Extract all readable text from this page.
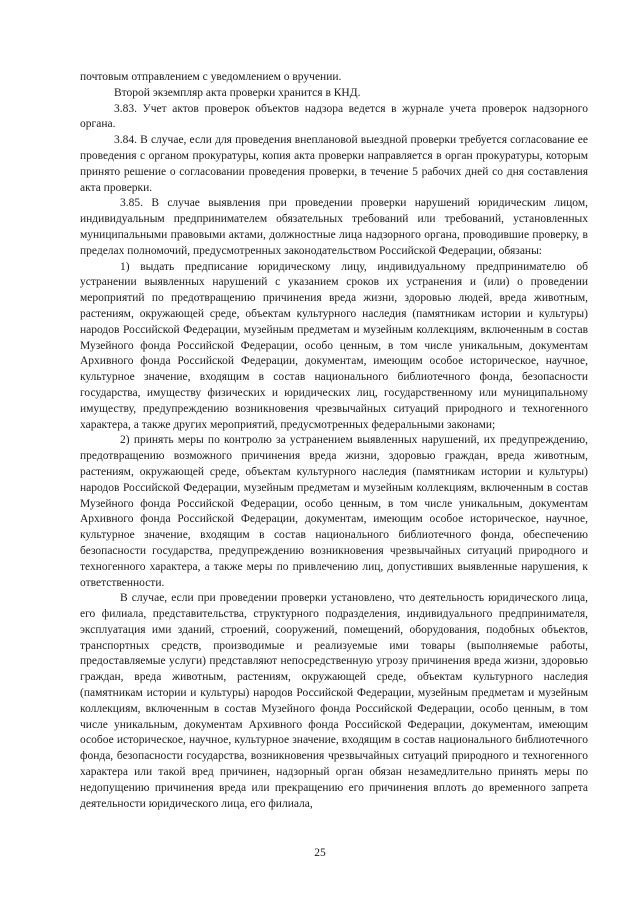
почтовым отправлением с уведомлением о вручении.

Второй экземпляр акта проверки хранится в КНД.

3.83. Учет актов проверок объектов надзора ведется в журнале учета проверок надзорного органа.

3.84. В случае, если для проведения внеплановой выездной проверки требуется согласование ее проведения с органом прокуратуры, копия акта проверки направляется в орган прокуратуры, которым принято решение о согласовании проведения проверки, в течение 5 рабочих дней со дня составления акта проверки.

3.85. В случае выявления при проведении проверки нарушений юридическим лицом, индивидуальным предпринимателем обязательных требований или требований, установленных муниципальными правовыми актами, должностные лица надзорного органа, проводившие проверку, в пределах полномочий, предусмотренных законодательством Российской Федерации, обязаны:

1) выдать предписание юридическому лицу, индивидуальному предпринимателю об устранении выявленных нарушений с указанием сроков их устранения и (или) о проведении мероприятий по предотвращению причинения вреда жизни, здоровью людей, вреда животным, растениям, окружающей среде, объектам культурного наследия (памятникам истории и культуры) народов Российской Федерации, музейным предметам и музейным коллекциям, включенным в состав Музейного фонда Российской Федерации, особо ценным, в том числе уникальным, документам Архивного фонда Российской Федерации, документам, имеющим особое историческое, научное, культурное значение, входящим в состав национального библиотечного фонда, безопасности государства, имуществу физических и юридических лиц, государственному или муниципальному имуществу, предупреждению возникновения чрезвычайных ситуаций природного и техногенного характера, а также других мероприятий, предусмотренных федеральными законами;

2) принять меры по контролю за устранением выявленных нарушений, их предупреждению, предотвращению возможного причинения вреда жизни, здоровью граждан, вреда животным, растениям, окружающей среде, объектам культурного наследия (памятникам истории и культуры) народов Российской Федерации, музейным предметам и музейным коллекциям, включенным в состав Музейного фонда Российской Федерации, особо ценным, в том числе уникальным, документам Архивного фонда Российской Федерации, документам, имеющим особое историческое, научное, культурное значение, входящим в состав национального библиотечного фонда, обеспечению безопасности государства, предупреждению возникновения чрезвычайных ситуаций природного и техногенного характера, а также меры по привлечению лиц, допустивших выявленные нарушения, к ответственности.

В случае, если при проведении проверки установлено, что деятельность юридического лица, его филиала, представительства, структурного подразделения, индивидуального предпринимателя, эксплуатация ими зданий, строений, сооружений, помещений, оборудования, подобных объектов, транспортных средств, производимые и реализуемые ими товары (выполняемые работы, предоставляемые услуги) представляют непосредственную угрозу причинения вреда жизни, здоровью граждан, вреда животным, растениям, окружающей среде, объектам культурного наследия (памятникам истории и культуры) народов Российской Федерации, музейным предметам и музейным коллекциям, включенным в состав Музейного фонда Российской Федерации, особо ценным, в том числе уникальным, документам Архивного фонда Российской Федерации, документам, имеющим особое историческое, научное, культурное значение, входящим в состав национального библиотечного фонда, безопасности государства, возникновения чрезвычайных ситуаций природного и техногенного характера или такой вред причинен, надзорный орган обязан незамедлительно принять меры по недопущению причинения вреда или прекращению его причинения вплоть до временного запрета деятельности юридического лица, его филиала,

25
